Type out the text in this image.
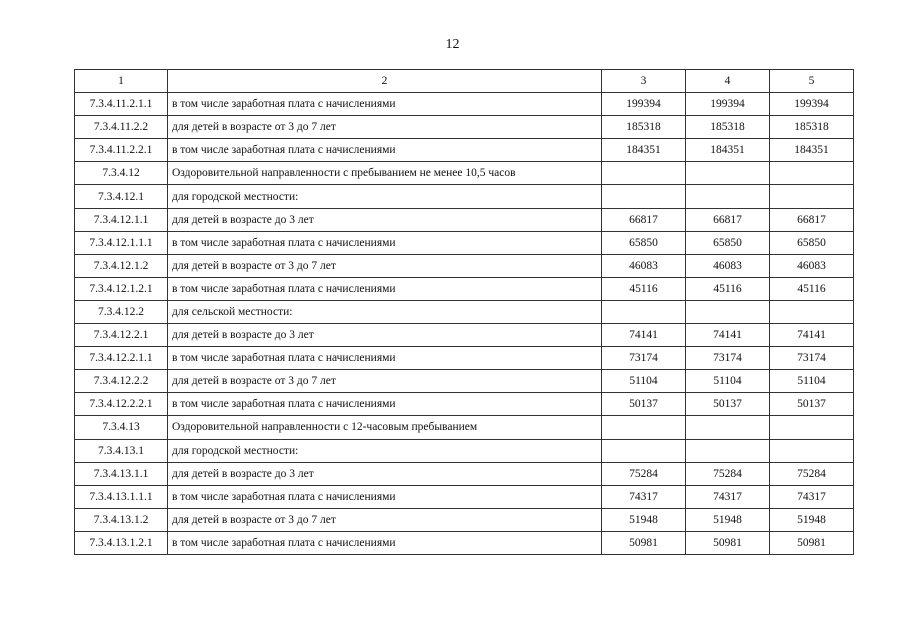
12
1	2	3	4	5
7.3.4.11.2.1.1	в том числе заработная плата с начислениями	199394	199394	199394
7.3.4.11.2.2	для детей в возрасте от 3 до 7 лет	185318	185318	185318
7.3.4.11.2.2.1	в том числе заработная плата с начислениями	184351	184351	184351
7.3.4.12	Оздоровительной направленности с пребыванием не менее 10,5 часов			
7.3.4.12.1	для городской местности:			
7.3.4.12.1.1	для детей в возрасте до 3 лет	66817	66817	66817
7.3.4.12.1.1.1	в том числе заработная плата с начислениями	65850	65850	65850
7.3.4.12.1.2	для детей в возрасте от 3 до 7 лет	46083	46083	46083
7.3.4.12.1.2.1	в том числе заработная плата с начислениями	45116	45116	45116
7.3.4.12.2	для сельской местности:			
7.3.4.12.2.1	для детей в возрасте до 3 лет	74141	74141	74141
7.3.4.12.2.1.1	в том числе заработная плата с начислениями	73174	73174	73174
7.3.4.12.2.2	для детей в возрасте от 3 до 7 лет	51104	51104	51104
7.3.4.12.2.2.1	в том числе заработная плата с начислениями	50137	50137	50137
7.3.4.13	Оздоровительной направленности с 12-часовым пребыванием			
7.3.4.13.1	для городской местности:			
7.3.4.13.1.1	для детей в возрасте до 3 лет	75284	75284	75284
7.3.4.13.1.1.1	в том числе заработная плата с начислениями	74317	74317	74317
7.3.4.13.1.2	для детей в возрасте от 3 до 7 лет	51948	51948	51948
7.3.4.13.1.2.1	в том числе заработная плата с начислениями	50981	50981	50981
